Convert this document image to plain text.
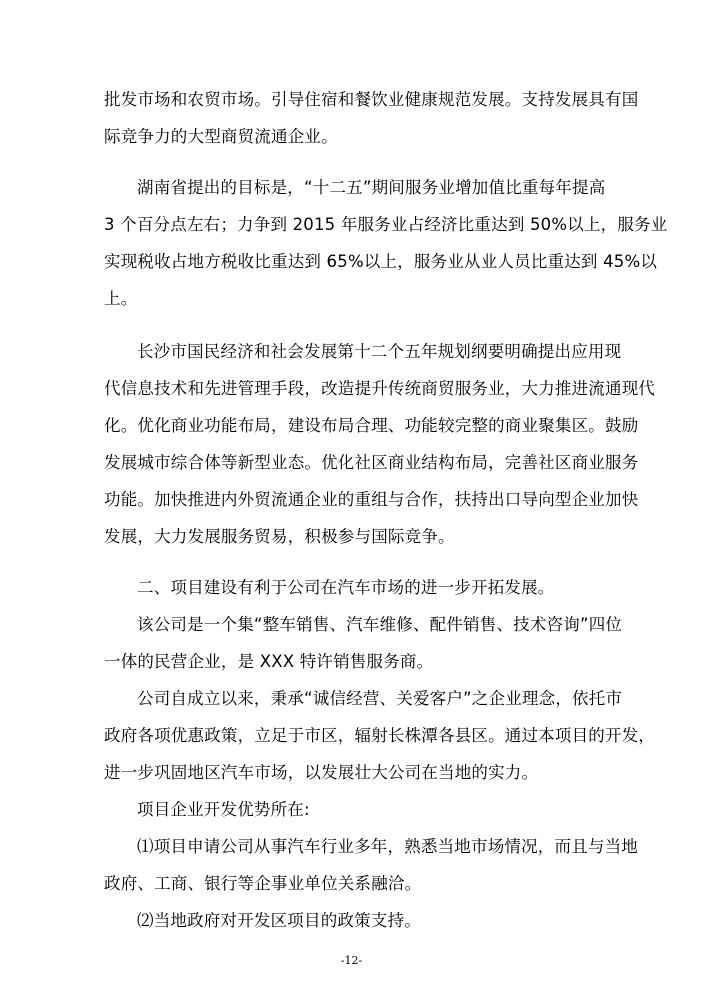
批发市场和农贸市场。引导住宿和餐饮业健康规范发展。支持发展具有国
际竞争力的大型商贸流通企业。
湖南省提出的目标是，“十二五”期间服务业增加值比重每年提高
3 个百分点左右；力争到 2015 年服务业占经济比重达到 50%以上，服务业
实现税收占地方税收比重达到 65%以上，服务业从业人员比重达到 45%以
上。
长沙市国民经济和社会发展第十二个五年规划纲要明确提出应用现
代信息技术和先进管理手段，改造提升传统商贸服务业，大力推进流通现代
化。优化商业功能布局，建设布局合理、功能较完整的商业聚集区。鼓励
发展城市综合体等新型业态。优化社区商业结构布局，完善社区商业服务
功能。加快推进内外贸流通企业的重组与合作，扶持出口导向型企业加快
发展，大力发展服务贸易，积极参与国际竞争。
二、项目建设有利于公司在汽车市场的进一步开拓发展。
该公司是一个集“整车销售、汽车维修、配件销售、技术咨询”四位
一体的民营企业，是 XXX 特许销售服务商。
公司自成立以来，秉承“诚信经营、关爱客户”之企业理念，依托市
政府各项优惠政策，立足于市区，辐射长株潭各县区。通过本项目的开发，
进一步巩固地区汽车市场，以发展壮大公司在当地的实力。
项目企业开发优势所在:
⑴项目申请公司从事汽车行业多年，熟悉当地市场情况，而且与当地
政府、工商、银行等企事业单位关系融洽。
⑵当地政府对开发区项目的政策支持。
-12-
